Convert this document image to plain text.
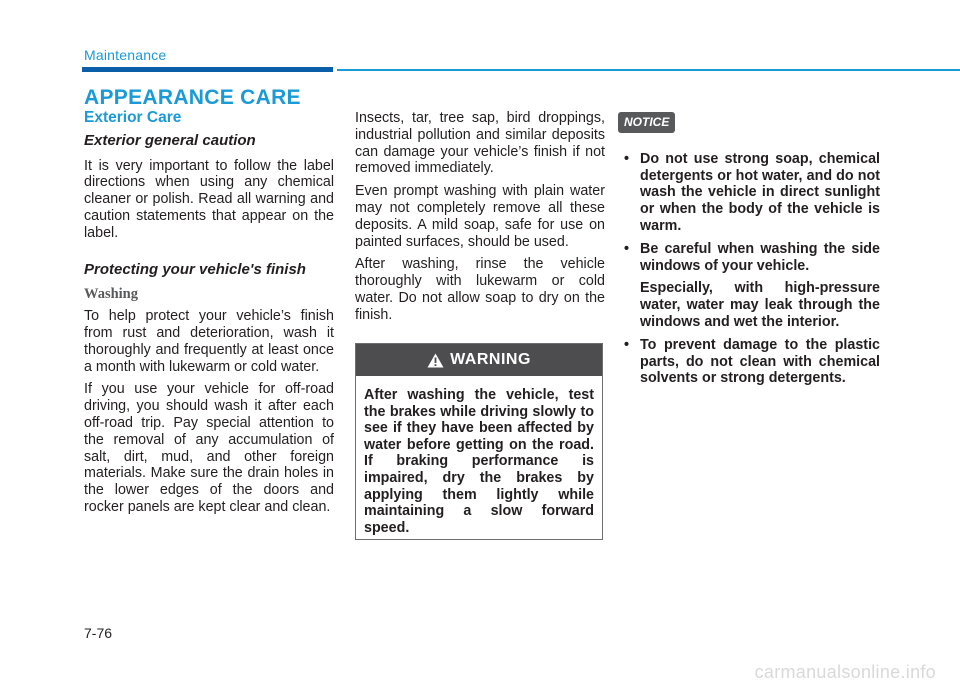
Maintenance
APPEARANCE CARE
Exterior Care
Exterior general caution

It is very important to follow the label directions when using any chemical cleaner or polish. Read all warning and caution statements that appear on the label.

Protecting your vehicle's finish
Washing

To help protect your vehicle’s finish from rust and deterioration, wash it thoroughly and frequently at least once a month with lukewarm or cold water.

If you use your vehicle for off-road driving, you should wash it after each off-road trip. Pay special attention to the removal of any accumulation of salt, dirt, mud, and other foreign materials. Make sure the drain holes in the lower edges of the doors and rocker panels are kept clear and clean.

Insects, tar, tree sap, bird droppings, industrial pollution and similar deposits can damage your vehicle’s finish if not removed immediately.

Even prompt washing with plain water may not completely remove all these deposits. A mild soap, safe for use on painted surfaces, should be used.

After washing, rinse the vehicle thoroughly with lukewarm or cold water. Do not allow soap to dry on the finish.

WARNING
After washing the vehicle, test the brakes while driving slowly to see if they have been affected by water before getting on the road. If braking performance is impaired, dry the brakes by applying them lightly while maintaining a slow forward speed.
NOTICE

• Do not use strong soap, chemical detergents or hot water, and do not wash the vehicle in direct sunlight or when the body of the vehicle is warm.

• Be careful when washing the side windows of your vehicle.

Especially, with high-pressure water, water may leak through the windows and wet the interior.

• To prevent damage to the plastic parts, do not clean with chemical solvents or strong detergents.

7-76
carmanualsonline.info
